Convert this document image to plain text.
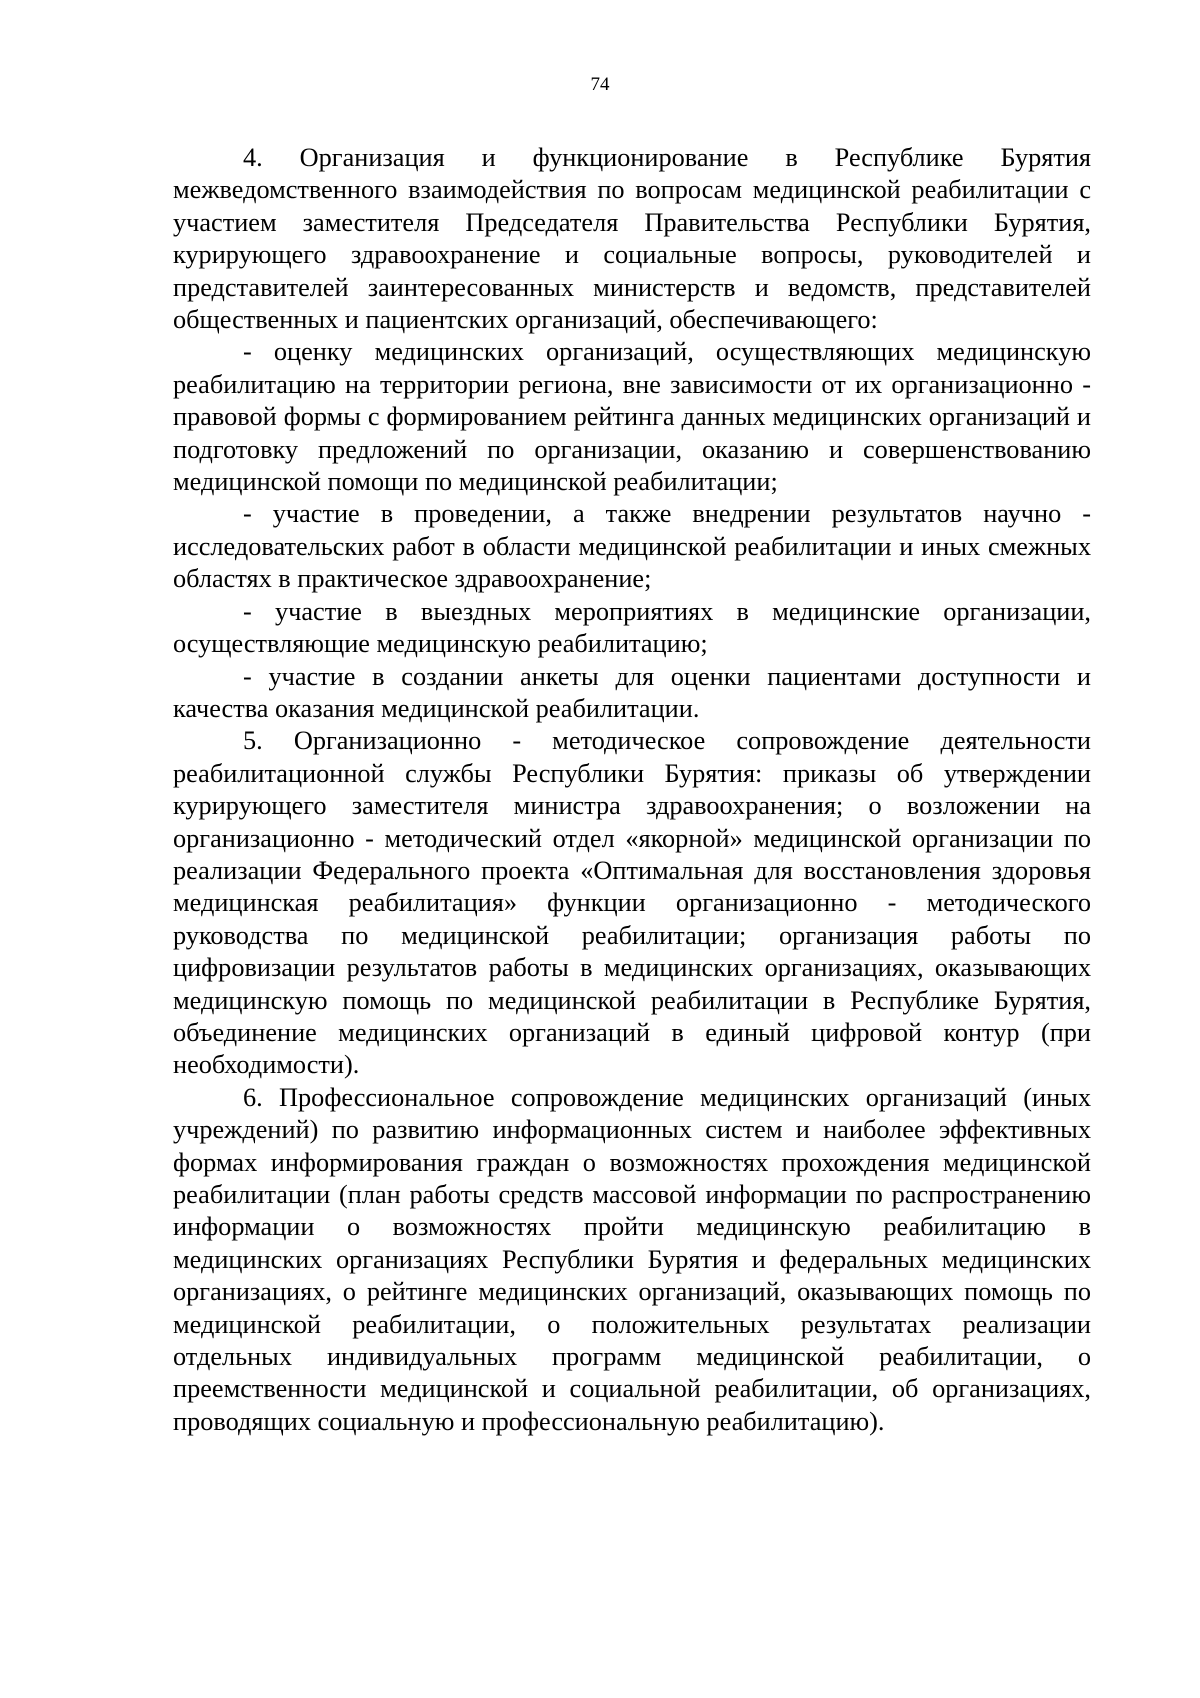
74

4. Организация и функционирование в Республике Бурятия межведомственного взаимодействия по вопросам медицинской реабилитации с участием заместителя Председателя Правительства Республики Бурятия, курирующего здравоохранение и социальные вопросы, руководителей и представителей заинтересованных министерств и ведомств, представителей общественных и пациентских организаций, обеспечивающего:

- оценку медицинских организаций, осуществляющих медицинскую реабилитацию на территории региона, вне зависимости от их организационно - правовой формы с формированием рейтинга данных медицинских организаций и подготовку предложений по организации, оказанию и совершенствованию медицинской помощи по медицинской реабилитации;

- участие в проведении, а также внедрении результатов научно - исследовательских работ в области медицинской реабилитации и иных смежных областях в практическое здравоохранение;

- участие в выездных мероприятиях в медицинские организации, осуществляющие медицинскую реабилитацию;

- участие в создании анкеты для оценки пациентами доступности и качества оказания медицинской реабилитации.

5. Организационно - методическое сопровождение деятельности реабилитационной службы Республики Бурятия: приказы об утверждении курирующего заместителя министра здравоохранения; о возложении на организационно - методический отдел «якорной» медицинской организации по реализации Федерального проекта «Оптимальная для восстановления здоровья медицинская реабилитация» функции организационно - методического руководства по медицинской реабилитации; организация работы по цифровизации результатов работы в медицинских организациях, оказывающих медицинскую помощь по медицинской реабилитации в Республике Бурятия, объединение медицинских организаций в единый цифровой контур (при необходимости).

6. Профессиональное сопровождение медицинских организаций (иных учреждений) по развитию информационных систем и наиболее эффективных формах информирования граждан о возможностях прохождения медицинской реабилитации (план работы средств массовой информации по распространению информации о возможностях пройти медицинскую реабилитацию в медицинских организациях Республики Бурятия и федеральных медицинских организациях, о рейтинге медицинских организаций, оказывающих помощь по медицинской реабилитации, о положительных результатах реализации отдельных индивидуальных программ медицинской реабилитации, о преемственности медицинской и социальной реабилитации, об организациях, проводящих социальную и профессиональную реабилитацию).
